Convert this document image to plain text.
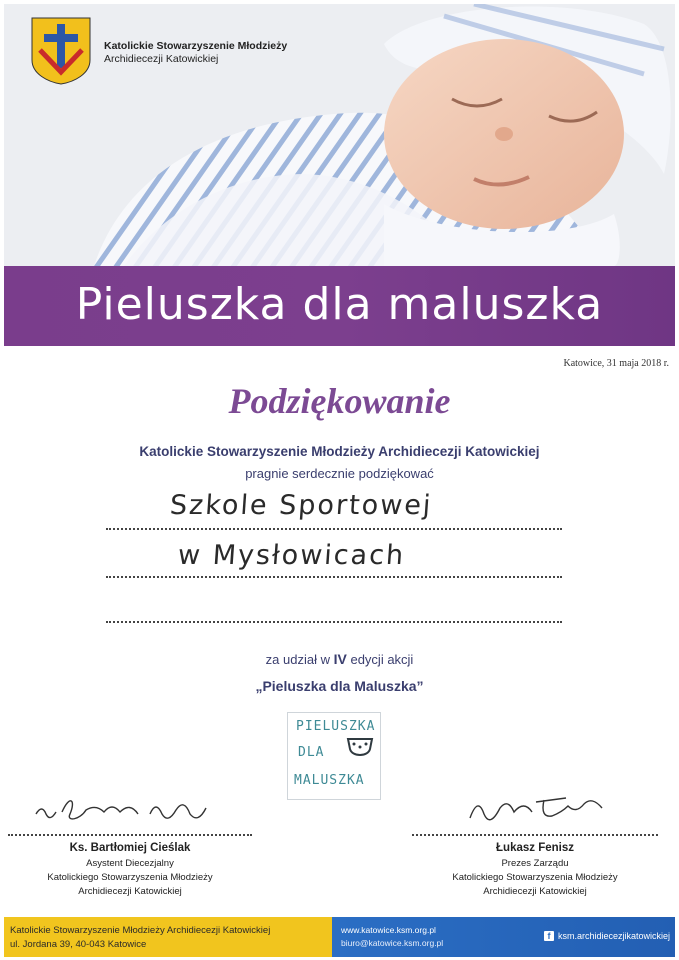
Katolickie Stowarzyszenie Młodzieży
Archidiecezji Katowickiej
Pieluszka dla maluszka
Katowice, 31 maja 2018 r.
Podziękowanie
Katolickie Stowarzyszenie Młodzieży Archidiecezji Katowickiej
pragnie serdecznie podziękować
Szkole Sportowej
w Mysłowicach
za udział w IV edycji akcji
„Pieluszka dla Maluszka”
PIELUSZKA
DLA
MALUSZKA
Ks. Bartłomiej Cieślak
Asystent Diecezjalny
Katolickiego Stowarzyszenia Młodzieży
Archidiecezji Katowickiej
Łukasz Fenisz
Prezes Zarządu
Katolickiego Stowarzyszenia Młodzieży
Archidiecezji Katowickiej
Katolickie Stowarzyszenie Młodzieży Archidiecezji Katowickiej
ul. Jordana 39, 40-043 Katowice
www.katowice.ksm.org.pl
biuro@katowice.ksm.org.pl
f ksm.archidiecezjikatowickiej
